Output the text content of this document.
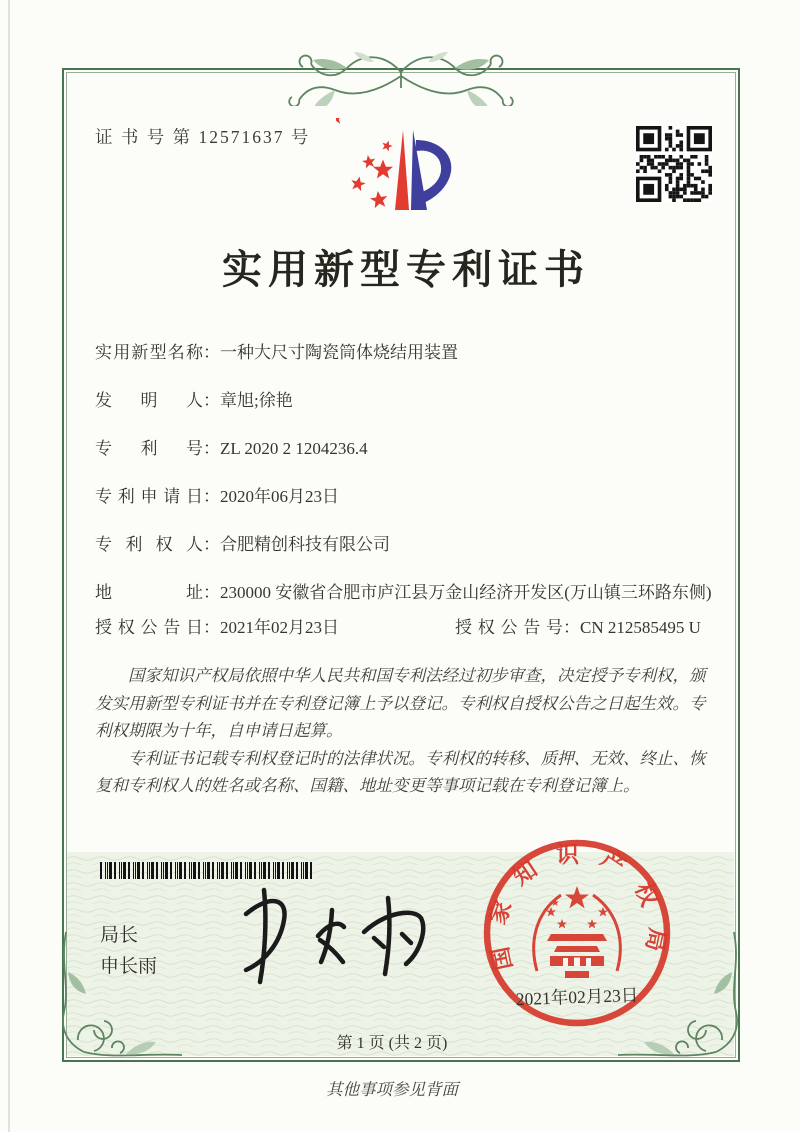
证 书 号 第 12571637 号
实用新型专利证书
实用新型名称 ： 一种大尺寸陶瓷筒体烧结用装置
发明人 ： 章旭;徐艳
专利号 ： ZL 2020 2 1204236.4
专利申请日 ： 2020年06月23日
专利权人 ： 合肥精创科技有限公司
地址 ： 230000 安徽省合肥市庐江县万金山经济开发区(万山镇三环路东侧)
授权公告日 ： 2021年02月23日	授权公告号 ： CN 212585495 U

国家知识产权局依照中华人民共和国专利法经过初步审查，决定授予专利权，颁发实用新型专利证书并在专利登记簿上予以登记。专利权自授权公告之日起生效。专利权期限为十年，自申请日起算。

专利证书记载专利权登记时的法律状况。专利权的转移、质押、无效、终止、恢复和专利权人的姓名或名称、国籍、地址变更等事项记载在专利登记簿上。

局长
申长雨	国家知识产权局
2021年02月23日
第 1 页 (共 2 页)
其他事项参见背面
